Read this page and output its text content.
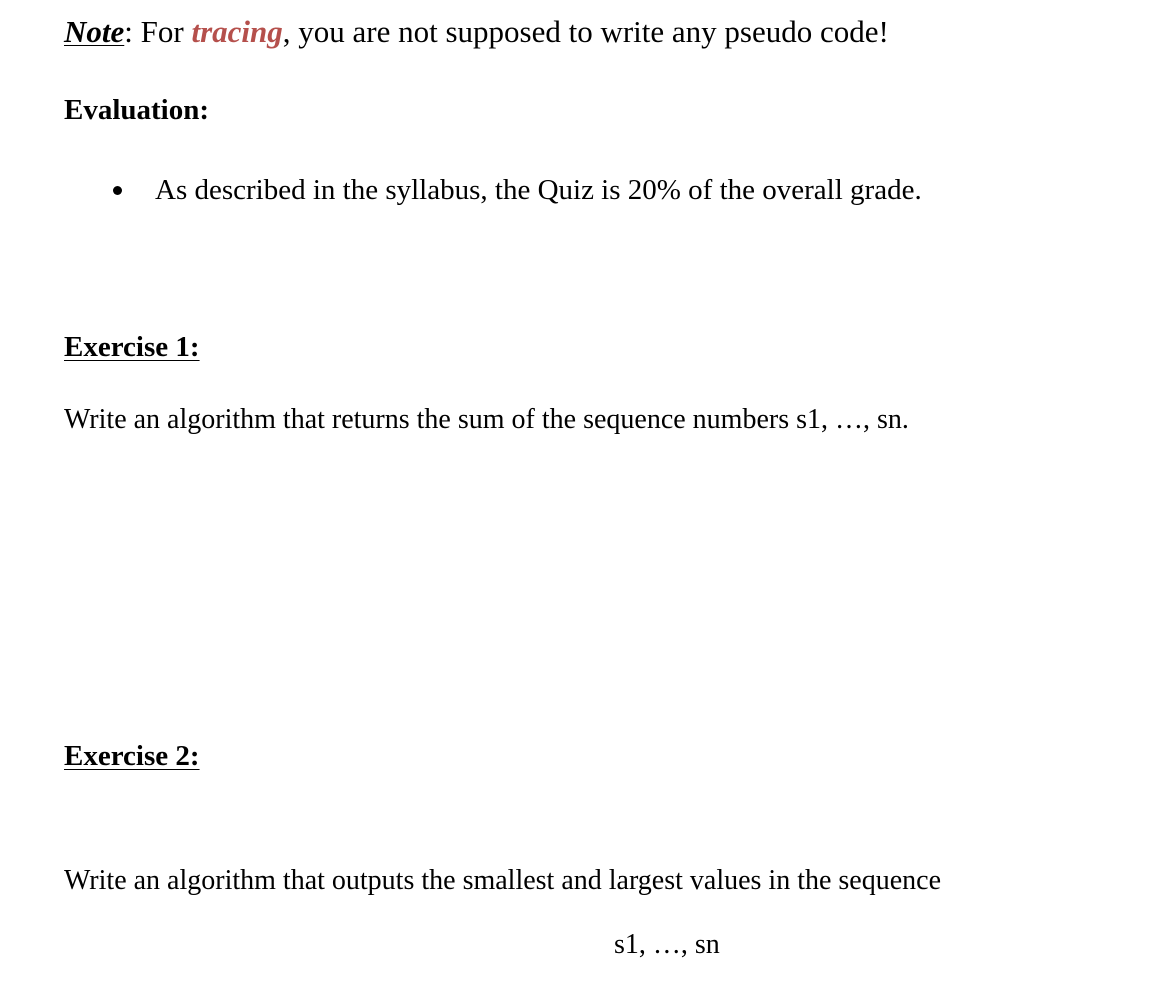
Note: For tracing, you are not supposed to write any pseudo code!
Evaluation:
As described in the syllabus, the Quiz is 20% of the overall grade.
Exercise 1:
Write an algorithm that returns the sum of the sequence numbers s1, …, sn.
Exercise 2:
Write an algorithm that outputs the smallest and largest values in the sequence
s1, …, sn
